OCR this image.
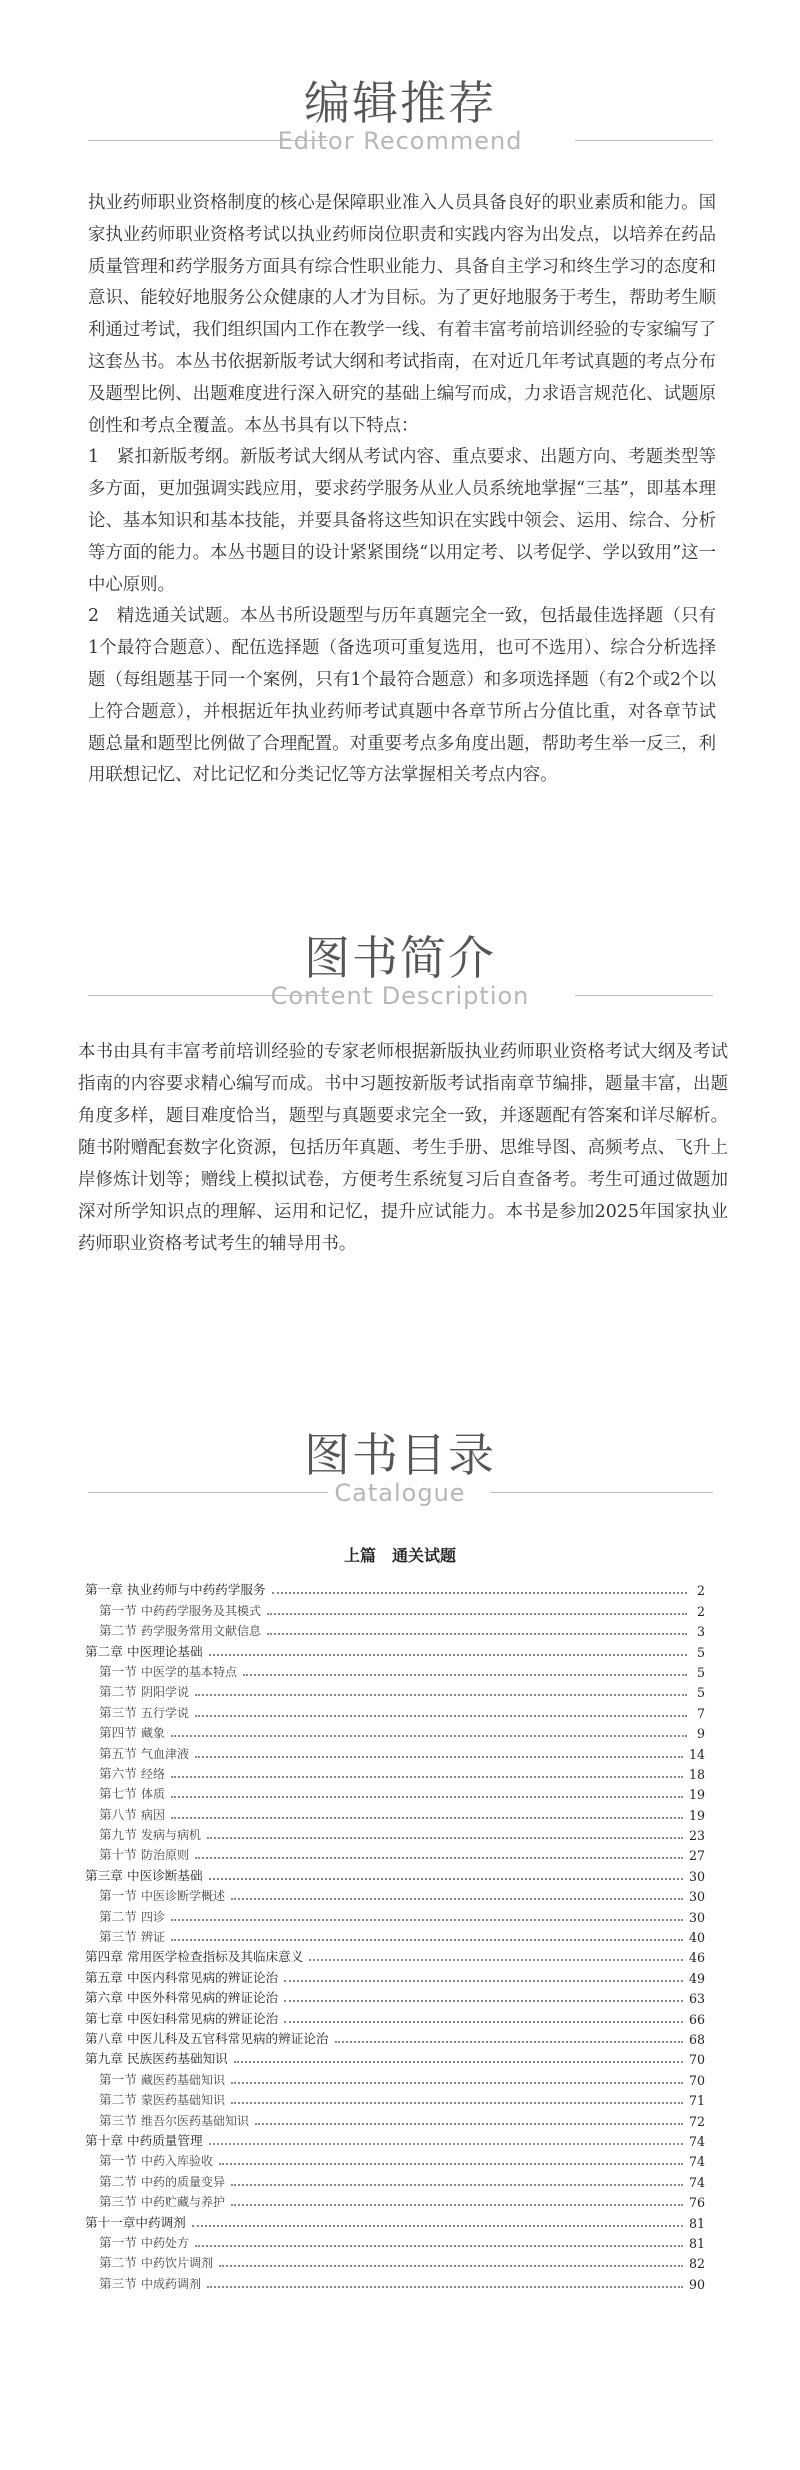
编辑推荐
Editor Recommend
执业药师职业资格制度的核心是保障职业准入人员具备良好的职业素质和能力。国家执业药师职业资格考试以执业药师岗位职责和实践内容为出发点，以培养在药品质量管理和药学服务方面具有综合性职业能力、具备自主学习和终生学习的态度和意识、能较好地服务公众健康的人才为目标。为了更好地服务于考生，帮助考生顺利通过考试，我们组织国内工作在教学一线、有着丰富考前培训经验的专家编写了这套丛书。本丛书依据新版考试大纲和考试指南，在对近几年考试真题的考点分布及题型比例、出题难度进行深入研究的基础上编写而成，力求语言规范化、试题原创性和考点全覆盖。本丛书具有以下特点：
1　紧扣新版考纲。新版考试大纲从考试内容、重点要求、出题方向、考题类型等多方面，更加强调实践应用，要求药学服务从业人员系统地掌握“三基”，即基本理论、基本知识和基本技能，并要具备将这些知识在实践中领会、运用、综合、分析等方面的能力。本丛书题目的设计紧紧围绕“以用定考、以考促学、学以致用”这一中心原则。
2　精选通关试题。本丛书所设题型与历年真题完全一致，包括最佳选择题（只有1个最符合题意）、配伍选择题（备选项可重复选用，也可不选用）、综合分析选择题（每组题基于同一个案例，只有1个最符合题意）和多项选择题（有2个或2个以上符合题意），并根据近年执业药师考试真题中各章节所占分值比重，对各章节试题总量和题型比例做了合理配置。对重要考点多角度出题，帮助考生举一反三，利用联想记忆、对比记忆和分类记忆等方法掌握相关考点内容。
图书简介
Content Description
本书由具有丰富考前培训经验的专家老师根据新版执业药师职业资格考试大纲及考试指南的内容要求精心编写而成。书中习题按新版考试指南章节编排，题量丰富，出题角度多样，题目难度恰当，题型与真题要求完全一致，并逐题配有答案和详尽解析。随书附赠配套数字化资源，包括历年真题、考生手册、思维导图、高频考点、飞升上岸修炼计划等；赠线上模拟试卷，方便考生系统复习后自查备考。考生可通过做题加深对所学知识点的理解、运用和记忆，提升应试能力。本书是参加2025年国家执业药师职业资格考试考生的辅导用书。
图书目录
Catalogue
上篇　通关试题
第一章 执业药师与中药药学服务	2
第一节 中药药学服务及其模式	2
第二节 药学服务常用文献信息	3
第二章 中医理论基础	5
第一节 中医学的基本特点	5
第二节 阴阳学说	5
第三节 五行学说	7
第四节 藏象	9
第五节 气血津液	14
第六节 经络	18
第七节 体质	19
第八节 病因	19
第九节 发病与病机	23
第十节 防治原则	27
第三章 中医诊断基础	30
第一节 中医诊断学概述	30
第二节 四诊	30
第三节 辨证	40
第四章 常用医学检查指标及其临床意义	46
第五章 中医内科常见病的辨证论治	49
第六章 中医外科常见病的辨证论治	63
第七章 中医妇科常见病的辨证论治	66
第八章 中医儿科及五官科常见病的辨证论治	68
第九章 民族医药基础知识	70
第一节 藏医药基础知识	70
第二节 蒙医药基础知识	71
第三节 维吾尔医药基础知识	72
第十章 中药质量管理	74
第一节 中药入库验收	74
第二节 中药的质量变异	74
第三节 中药贮藏与养护	76
第十一章中药调剂	81
第一节 中药处方	81
第二节 中药饮片调剂	82
第三节 中成药调剂	90
